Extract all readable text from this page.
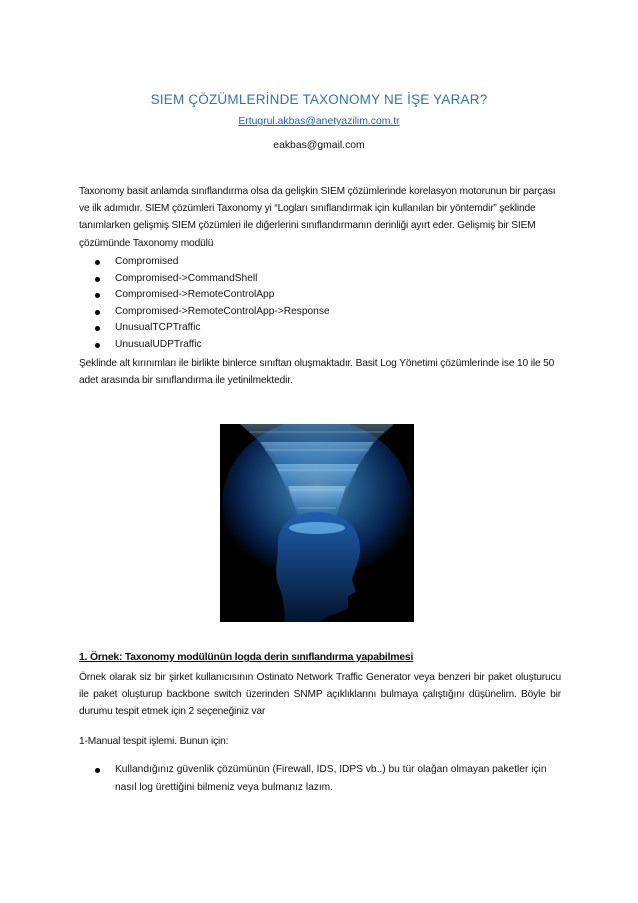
SIEM ÇÖZÜMLERİNDE TAXONOMY NE İŞE YARAR?
Ertugrul.akbas@anetyazilim.com.tr
eakbas@gmail.com
Taxonomy basit anlamda sınıflandırma olsa da gelişkin SIEM çözümlerinde korelasyon motorunun bir parçası ve ilk adımıdır. SIEM çözümleri Taxonomy yi “Logları sınıflandırmak için kullanılan bir yöntemdir” şeklinde tanımlarken gelişmiş SIEM çözümleri ile diğerlerini sınıflandırmanın derinliği ayırt eder. Gelişmiş bir SIEM çözümünde Taxonomy modülü
Compromised
Compromised->CommandShell
Compromised->RemoteControlApp
Compromised->RemoteControlApp->Response
UnusualTCPTraffic
UnusualUDPTraffic
Şeklinde alt kırınımları ile birlikte binlerce sınıftan oluşmaktadır. Basit Log Yönetimi çözümlerinde ise 10 ile 50 adet arasında bir sınıflandırma ile yetinilmektedir.
1. Örnek: Taxonomy modülünün logda derin sınıflandırma yapabilmesi
Örnek olarak siz bir şirket kullanıcısının Ostinato Network Traffic Generator veya benzeri bir paket oluşturucu ile paket oluşturup backbone switch üzerinden SNMP açıklıklarını bulmaya çalıştığını düşünelim. Böyle bir durumu tespit etmek için 2 seçeneğiniz var
1-Manual tespit işlemi. Bunun için:
Kullandığınız güvenlik çözümünün (Firewall, IDS, IDPS vb..) bu tür olağan olmayan paketler için nasıl log ürettiğini bilmeniz veya bulmanız lazım.
